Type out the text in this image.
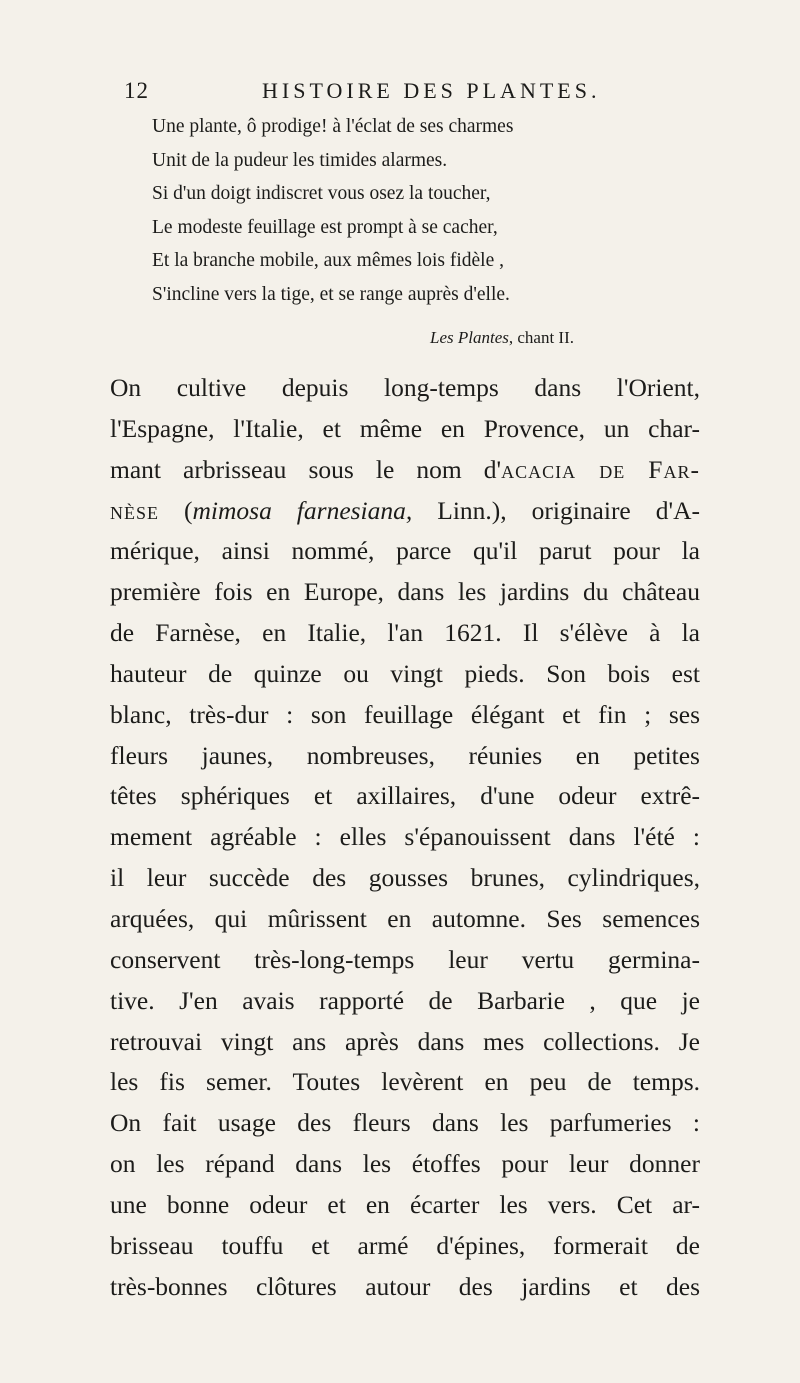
12	HISTOIRE DES PLANTES.
Une plante, ô prodige! à l'éclat de ses charmes
Unit de la pudeur les timides alarmes.
Si d'un doigt indiscret vous osez la toucher,
Le modeste feuillage est prompt à se cacher,
Et la branche mobile, aux mêmes lois fidèle ,
S'incline vers la tige, et se range auprès d'elle.
Les Plantes, chant II.
On cultive depuis long-temps dans l'Orient,
l'Espagne, l'Italie, et même en Provence, un char-
mant arbrisseau sous le nom d'acacia de Far-
nèse (mimosa farnesiana, Linn.), originaire d'A-
mérique, ainsi nommé, parce qu'il parut pour la
première fois en Europe, dans les jardins du château
de Farnèse, en Italie, l'an 1621. Il s'élève à la
hauteur de quinze ou vingt pieds. Son bois est
blanc, très-dur : son feuillage élégant et fin ; ses
fleurs jaunes, nombreuses, réunies en petites
têtes sphériques et axillaires, d'une odeur extrê-
mement agréable : elles s'épanouissent dans l'été :
il leur succède des gousses brunes, cylindriques,
arquées, qui mûrissent en automne. Ses semences
conservent très-long-temps leur vertu germina-
tive. J'en avais rapporté de Barbarie , que je
retrouvai vingt ans après dans mes collections. Je
les fis semer. Toutes levèrent en peu de temps.
On fait usage des fleurs dans les parfumeries :
on les répand dans les étoffes pour leur donner
une bonne odeur et en écarter les vers. Cet ar-
brisseau touffu et armé d'épines, formerait de
très-bonnes clôtures autour des jardins et des
